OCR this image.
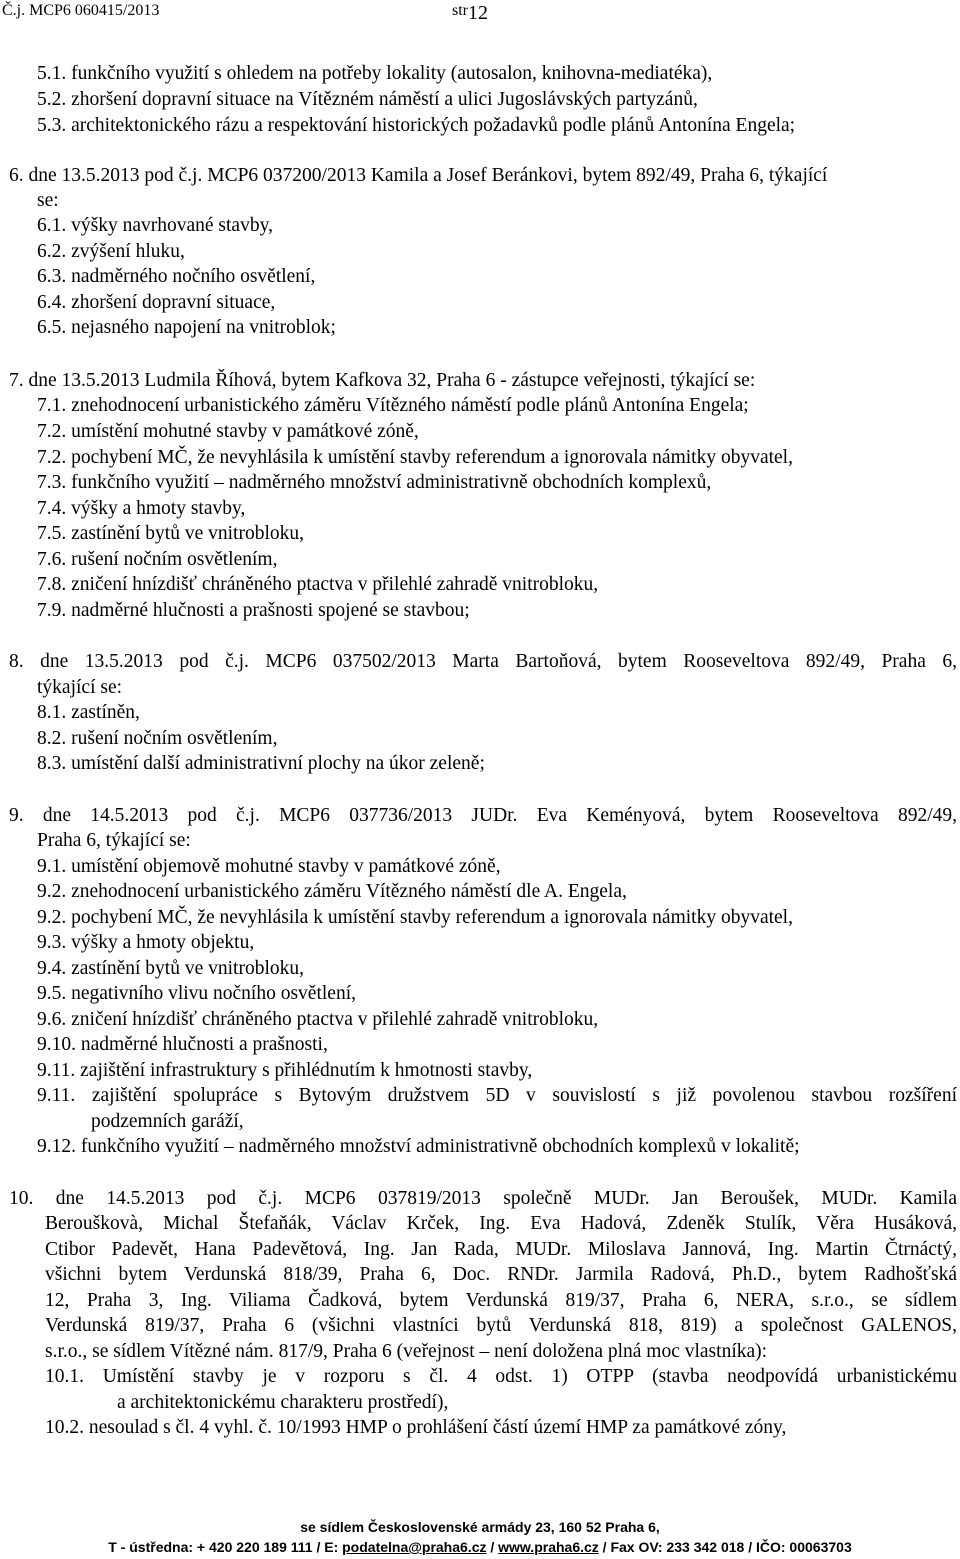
Č.j. MCP6 060415/2013	str 12
5.1. funkčního využití s ohledem na potřeby lokality (autosalon, knihovna-mediatéka),
5.2. zhoršení dopravní situace na Vítězném náměstí a ulici Jugoslávských partyzánů,
5.3. architektonického rázu a respektování historických požadavků podle plánů Antonína Engela;
6. dne 13.5.2013 pod č.j. MCP6 037200/2013 Kamila a Josef Beránkovi, bytem 892/49, Praha 6, týkající
se:
6.1. výšky navrhované stavby,
6.2. zvýšení hluku,
6.3. nadměrného nočního osvětlení,
6.4. zhoršení dopravní situace,
6.5. nejasného napojení na vnitroblok;
7. dne 13.5.2013 Ludmila Říhová, bytem Kafkova 32, Praha 6 - zástupce veřejnosti, týkající se:
7.1. znehodnocení urbanistického záměru Vítězného náměstí podle plánů Antonína Engela;
7.2. umístění mohutné stavby v památkové zóně,
7.2. pochybení MČ, že nevyhlásila k umístění stavby referendum a ignorovala námitky obyvatel,
7.3. funkčního využití – nadměrného množství administrativně obchodních komplexů,
7.4. výšky a hmoty stavby,
7.5. zastínění bytů ve vnitrobloku,
7.6. rušení nočním osvětlením,
7.8. zničení hnízdišť chráněného ptactva v přilehlé zahradě vnitrobloku,
7.9. nadměrné hlučnosti a prašnosti spojené se stavbou;
8. dne 13.5.2013 pod č.j. MCP6 037502/2013 Marta Bartoňová, bytem Rooseveltova 892/49, Praha 6,
týkající se:
8.1. zastíněn,
8.2. rušení nočním osvětlením,
8.3. umístění další administrativní plochy na úkor zeleně;
9. dne 14.5.2013 pod č.j. MCP6 037736/2013 JUDr. Eva Keményová, bytem Rooseveltova 892/49,
Praha 6, týkající se:
9.1. umístění objemově mohutné stavby v památkové zóně,
9.2. znehodnocení urbanistického záměru Vítězného náměstí dle A. Engela,
9.2. pochybení MČ, že nevyhlásila k umístění stavby referendum a ignorovala námitky obyvatel,
9.3. výšky a hmoty objektu,
9.4. zastínění bytů ve vnitrobloku,
9.5. negativního vlivu nočního osvětlení,
9.6. zničení hnízdišť chráněného ptactva v přilehlé zahradě vnitrobloku,
9.10. nadměrné hlučnosti a prašnosti,
9.11. zajištění infrastruktury s přihlédnutím k hmotnosti stavby,
9.11. zajištění spolupráce s Bytovým družstvem 5D v souvislostí s již povolenou stavbou rozšíření
podzemních garáží,
9.12. funkčního využití – nadměrného množství administrativně obchodních komplexů v lokalitě;
10. dne 14.5.2013 pod č.j. MCP6 037819/2013 společně MUDr. Jan Beroušek, MUDr. Kamila
Berouškovà, Michal Štefaňák, Václav Krček, Ing. Eva Hadová, Zdeněk Stulík, Věra Husáková,
Ctibor Padevět, Hana Padevětová, Ing. Jan Rada, MUDr. Miloslava Jannová, Ing. Martin Čtrnáctý,
všichni bytem Verdunská 818/39, Praha 6, Doc. RNDr. Jarmila Radová, Ph.D., bytem Radhošťská
12, Praha 3, Ing. Viliama Čadková, bytem Verdunská 819/37, Praha 6, NERA, s.r.o., se sídlem
Verdunská 819/37, Praha 6 (všichni vlastníci bytů Verdunská 818, 819) a společnost GALENOS,
s.r.o., se sídlem Vítězné nám. 817/9, Praha 6 (veřejnost – není doložena plná moc vlastníka):
10.1. Umístění stavby je v rozporu s čl. 4 odst. 1) OTPP (stavba neodpovídá urbanistickému
a architektonickému charakteru prostředí),
10.2. nesoulad s čl. 4 vyhl. č. 10/1993 HMP o prohlášení částí území HMP za památkové zóny,
se sídlem Československé armády 23, 160 52 Praha 6,
T - ústředna: + 420 220 189 111 / E: podatelna@praha6.cz / www.praha6.cz / Fax OV: 233 342 018 / IČO: 00063703
